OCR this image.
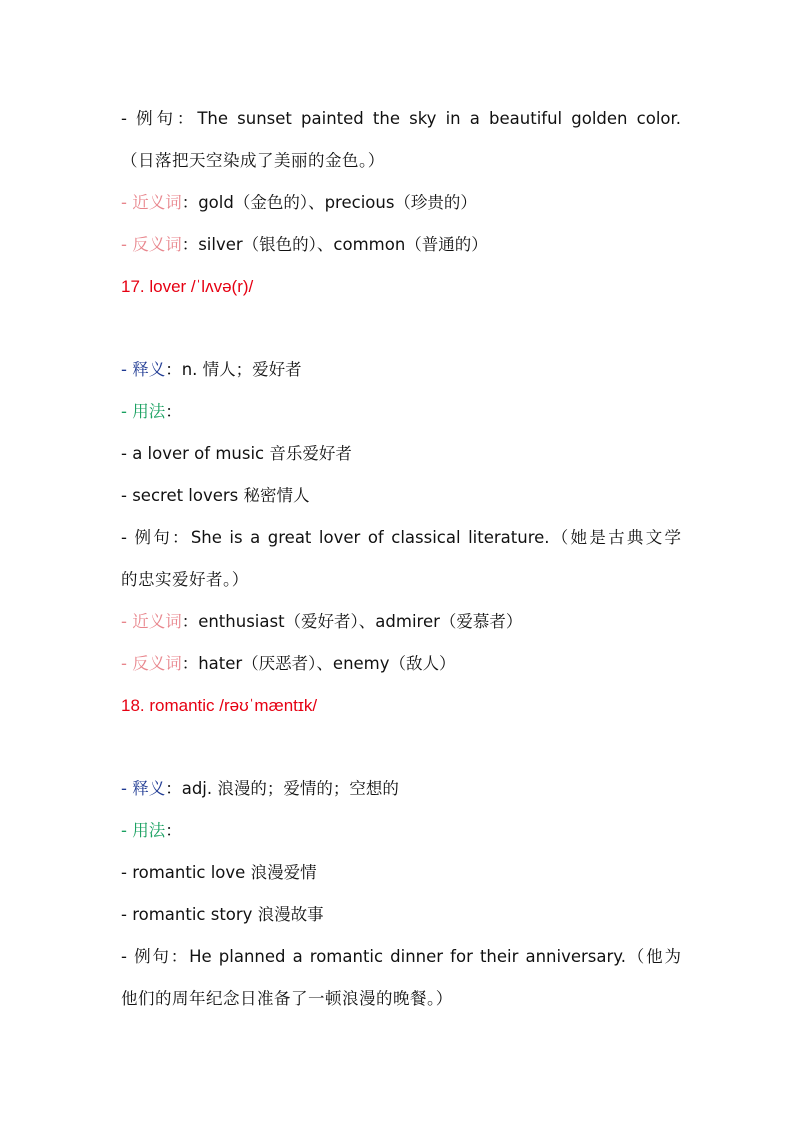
- 例句：The sunset painted the sky in a beautiful golden color.
（日落把天空染成了美丽的金色。）
- 近义词：gold（金色的）、precious（珍贵的）
- 反义词：silver（银色的）、common（普通的）
17. lover /ˈlʌvə(r)/
- 释义：n. 情人；爱好者
- 用法：
- a lover of music 音乐爱好者
- secret lovers 秘密情人
- 例句：She is a great lover of classical literature.（她是古典文学
的忠实爱好者。）
- 近义词：enthusiast（爱好者）、admirer（爱慕者）
- 反义词：hater（厌恶者）、enemy（敌人）
18. romantic /rəʊˈmæntɪk/
- 释义：adj. 浪漫的；爱情的；空想的
- 用法：
- romantic love 浪漫爱情
- romantic story 浪漫故事
- 例句：He planned a romantic dinner for their anniversary.（他为
他们的周年纪念日准备了一顿浪漫的晚餐。）
